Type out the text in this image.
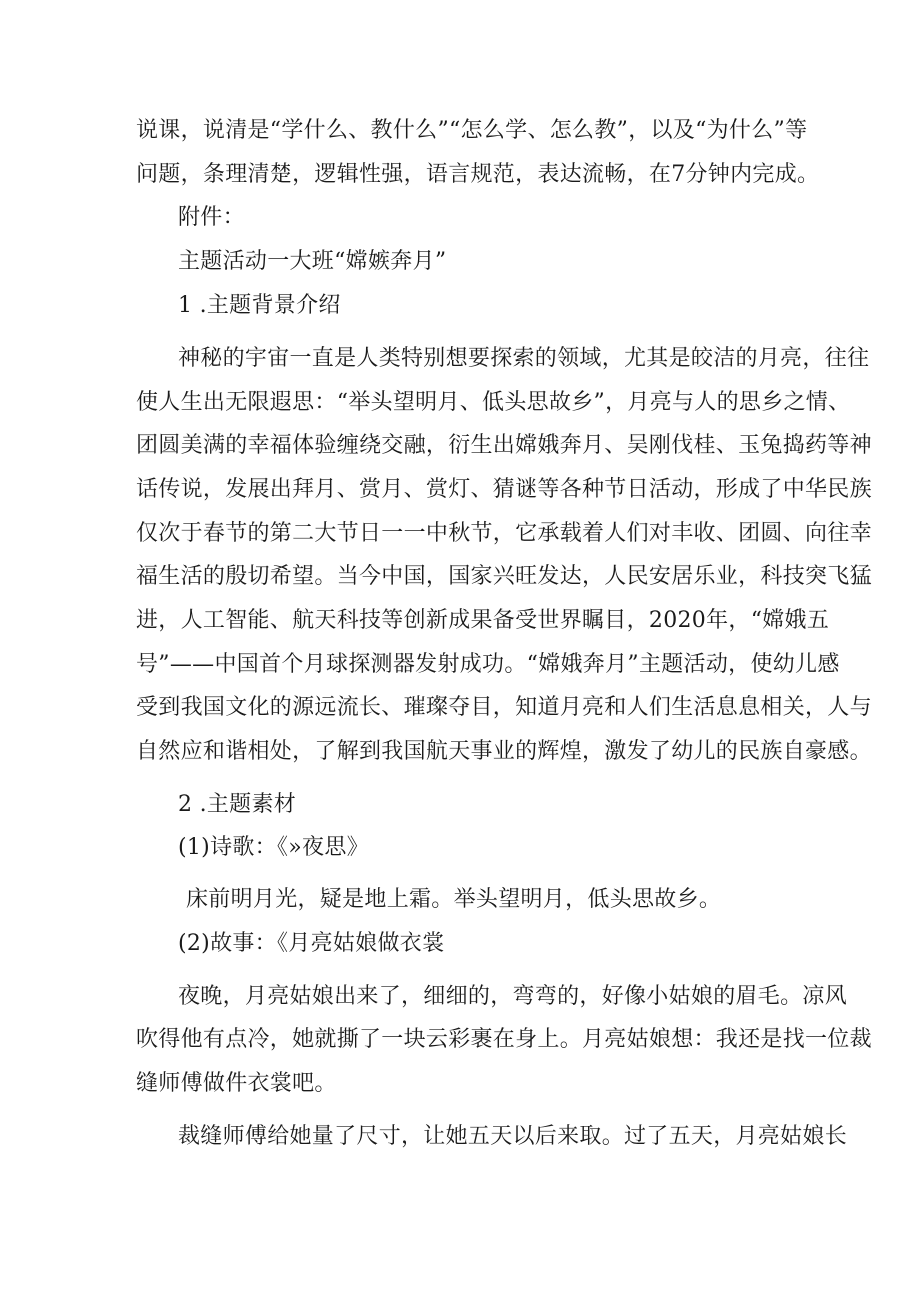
说课，说清是“学什么、教什么”“怎么学、怎么教”，以及“为什么”等
问题，条理清楚，逻辑性强，语言规范，表达流畅，在7分钟内完成。
附件：
主题活动一大班“嫦嫉奔月”
1 .主题背景介绍
神秘的宇宙一直是人类特别想要探索的领域，尤其是皎洁的月亮，往往
使人生出无限遐思：“举头望明月、低头思故乡”，月亮与人的思乡之情、
团圆美满的幸福体验缠绕交融，衍生出嫦娥奔月、吴刚伐桂、玉兔捣药等神
话传说，发展出拜月、赏月、赏灯、猜谜等各种节日活动，形成了中华民族
仅次于春节的第二大节日一一中秋节，它承载着人们对丰收、团圆、向往幸
福生活的殷切希望。当今中国，国家兴旺发达，人民安居乐业，科技突飞猛
进，人工智能、航天科技等创新成果备受世界瞩目，2020年，“嫦娥五
号”——中国首个月球探测器发射成功。“嫦娥奔月”主题活动，使幼儿感
受到我国文化的源远流长、璀璨夺目，知道月亮和人们生活息息相关，人与
自然应和谐相处，了解到我国航天事业的辉煌，激发了幼儿的民族自豪感。
2 .主题素材
(1)诗歌：《»夜思》
床前明月光，疑是地上霜。举头望明月，低头思故乡。
(2)故事：《月亮姑娘做衣裳
夜晚，月亮姑娘出来了，细细的，弯弯的，好像小姑娘的眉毛。凉风
吹得他有点冷，她就撕了一块云彩裹在身上。月亮姑娘想：我还是找一位裁
缝师傅做件衣裳吧。
裁缝师傅给她量了尺寸，让她五天以后来取。过了五天，月亮姑娘长
